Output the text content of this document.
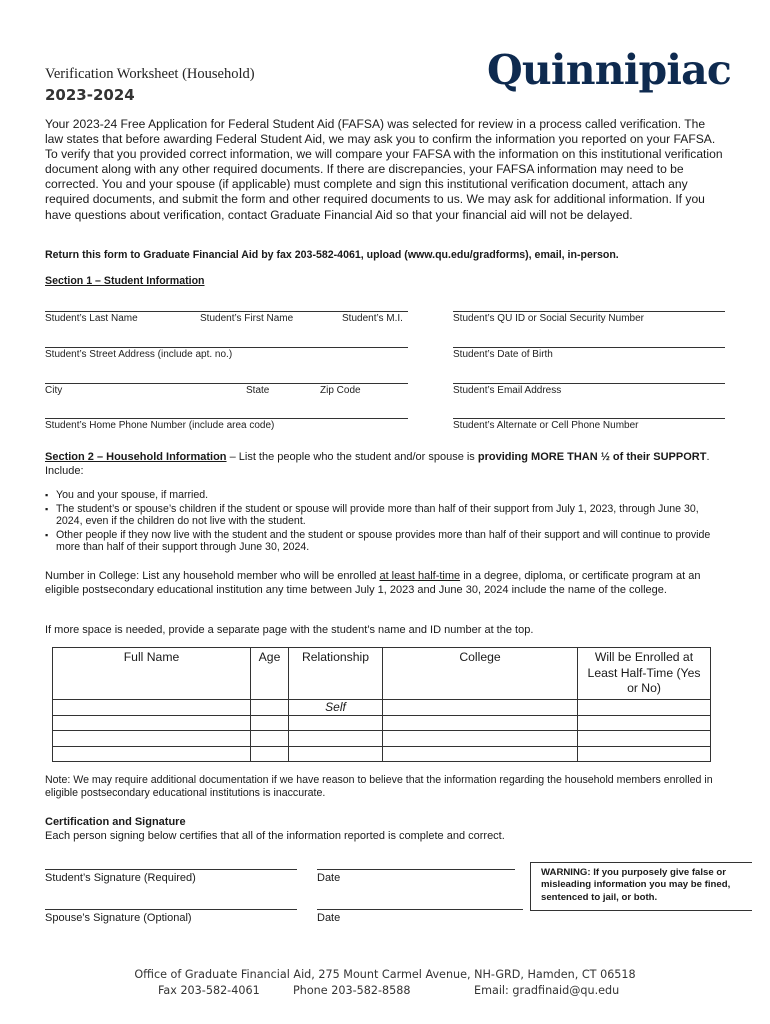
Verification Worksheet (Household)
2023-2024
Quinnipiac
Your 2023-24 Free Application for Federal Student Aid (FAFSA) was selected for review in a process called verification. The law states that before awarding Federal Student Aid, we may ask you to confirm the information you reported on your FAFSA. To verify that you provided correct information, we will compare your FAFSA with the information on this institutional verification document along with any other required documents. If there are discrepancies, your FAFSA information may need to be corrected. You and your spouse (if applicable) must complete and sign this institutional verification document, attach any required documents, and submit the form and other required documents to us. We may ask for additional information. If you have questions about verification, contact Graduate Financial Aid so that your financial aid will not be delayed.
Return this form to Graduate Financial Aid by fax 203-582-4061, upload (www.qu.edu/gradforms), email, in-person.
Section 1 – Student Information
Student’s Last Name	Student’s First Name	Student’s M.I.	Student’s QU ID or Social Security Number
Student’s Street Address (include apt. no.)	Student’s Date of Birth
City	State	Zip Code	Student’s Email Address
Student’s Home Phone Number (include area code)	Student’s Alternate or Cell Phone Number
Section 2 – Household Information – List the people who the student and/or spouse is providing MORE THAN ½ of their SUPPORT. Include:
▪ You and your spouse, if married.
▪ The student’s or spouse’s children if the student or spouse will provide more than half of their support from July 1, 2023, through June 30, 2024, even if the children do not live with the student.
▪ Other people if they now live with the student and the student or spouse provides more than half of their support and will continue to provide more than half of their support through June 30, 2024.
Number in College: List any household member who will be enrolled at least half-time in a degree, diploma, or certificate program at an eligible postsecondary educational institution any time between July 1, 2023 and June 30, 2024 include the name of the college.
If more space is needed, provide a separate page with the student’s name and ID number at the top.
Full Name	Age	Relationship	College	Will be Enrolled at Least Half-Time (Yes or No)
		Self		

Note: We may require additional documentation if we have reason to believe that the information regarding the household members enrolled in eligible postsecondary educational institutions is inaccurate.
Certification and Signature
Each person signing below certifies that all of the information reported is complete and correct.
Student’s Signature (Required)	Date
Spouse’s Signature (Optional)	Date
WARNING: If you purposely give false or misleading information you may be fined, sentenced to jail, or both.
Office of Graduate Financial Aid, 275 Mount Carmel Avenue, NH-GRD, Hamden, CT 06518
Fax 203-582-4061	Phone 203-582-8588	Email: gradfinaid@qu.edu
